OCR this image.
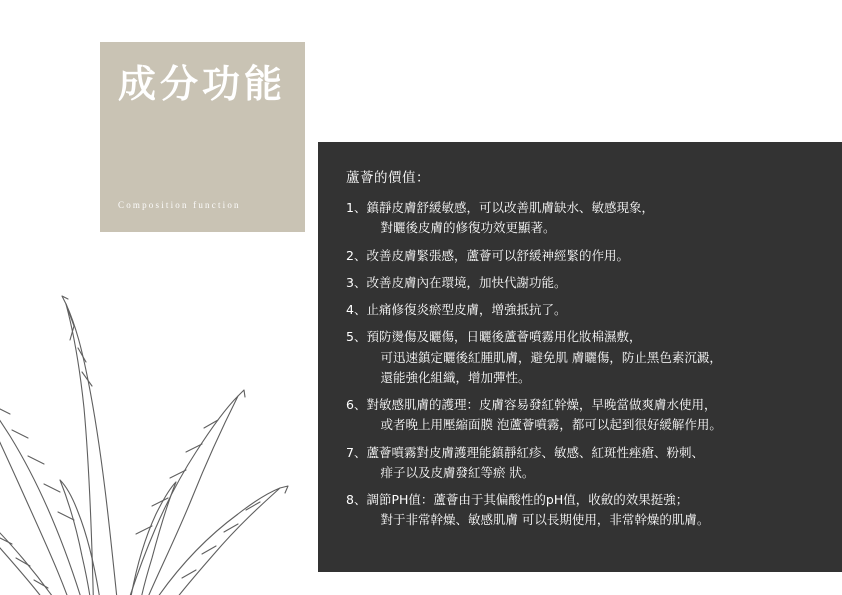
成分功能
Composition function
蘆薈的價值：
1、 鎮靜皮膚舒緩敏感，可以改善肌膚缺水、敏感現象，
對曬後皮膚的修復功效更顯著。
2、 改善皮膚緊張感，蘆薈可以舒緩神經緊的作用。
3、 改善皮膚內在環境，加快代謝功能。
4、 止痛修復炎瘀型皮膚，增強抵抗了。
5、 預防燙傷及曬傷，日曬後蘆薈噴霧用化妝棉濕敷，
可迅速鎮定曬後紅腫肌膚，避免肌 膚曬傷，防止黑色素沉澱，
還能強化組織，增加彈性。
6、 對敏感肌膚的護理：皮膚容易發紅幹燥，早晚當做爽膚水使用，
或者晚上用壓縮面膜 泡蘆薈噴霧，都可以起到很好緩解作用。
7、 蘆薈噴霧對皮膚護理能鎮靜紅疹、敏感、紅斑性痤瘡、粉刺、
痱子以及皮膚發紅等瘀 狀。
8、 調節PH值：蘆薈由于其偏酸性的pH值，收斂的效果挺強；
對于非常幹燥、敏感肌膚 可以長期使用，非常幹燥的肌膚。
